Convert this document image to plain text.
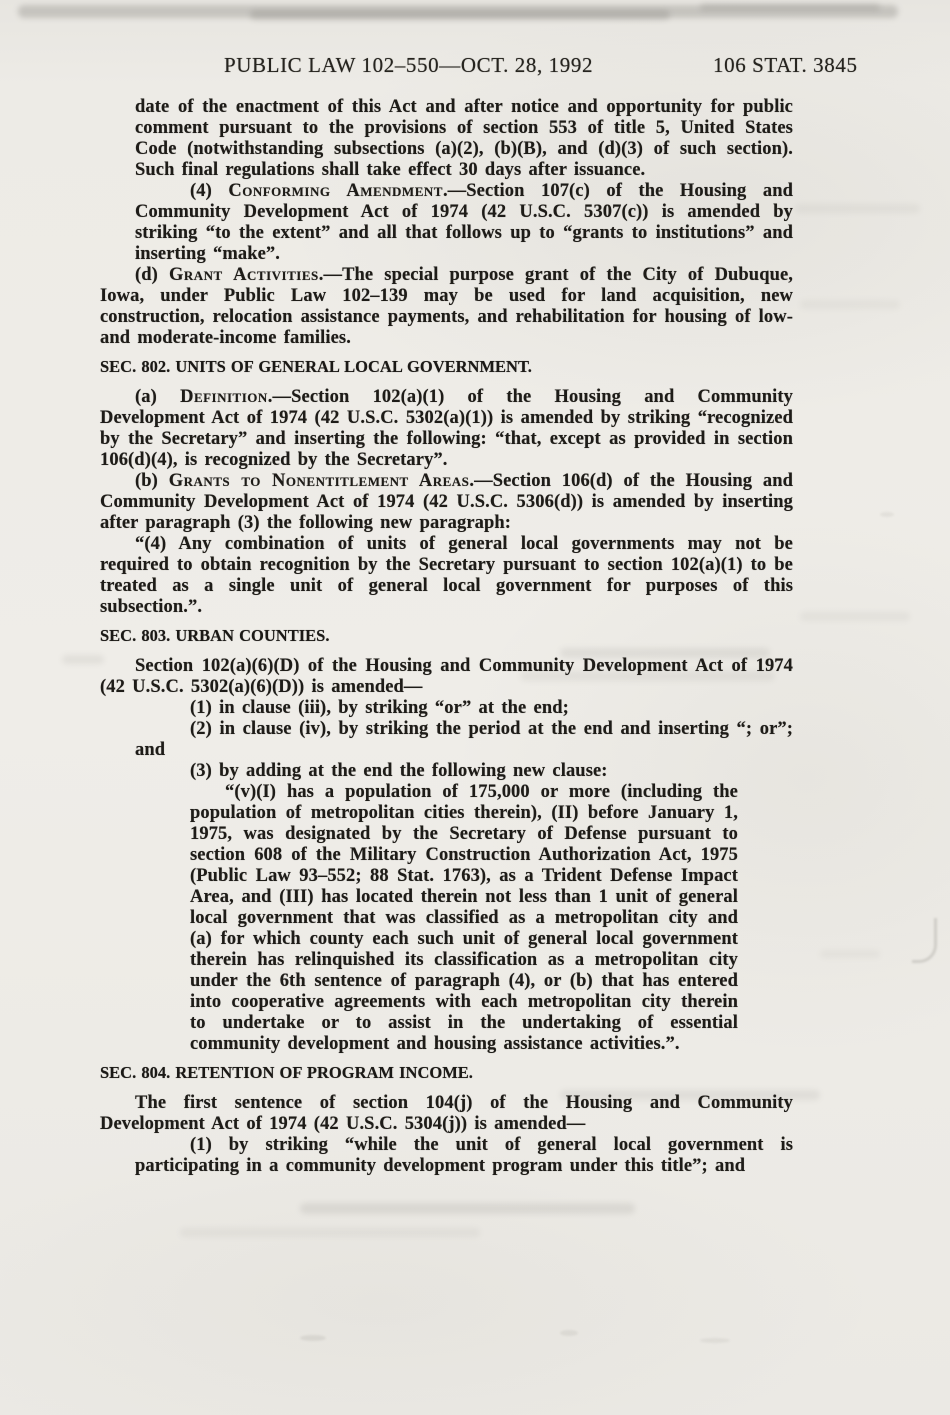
PUBLIC LAW 102–550—OCT. 28, 1992	106 STAT. 3845

date of the enactment of this Act and after notice and opportunity for public comment pursuant to the provisions of section 553 of title 5, United States Code (notwithstanding subsections (a)(2), (b)(B), and (d)(3) of such section). Such final regulations shall take effect 30 days after issuance.

(4) Conforming Amendment.—Section 107(c) of the Housing and Community Development Act of 1974 (42 U.S.C. 5307(c)) is amended by striking “to the extent” and all that follows up to “grants to institutions” and inserting “make”.

(d) Grant Activities.—The special purpose grant of the City of Dubuque, Iowa, under Public Law 102–139 may be used for land acquisition, new construction, relocation assistance payments, and rehabilitation for housing of low- and moderate-income families.

SEC. 802. UNITS OF GENERAL LOCAL GOVERNMENT.

(a) Definition.—Section 102(a)(1) of the Housing and Community Development Act of 1974 (42 U.S.C. 5302(a)(1)) is amended by striking “recognized by the Secretary” and inserting the following: “that, except as provided in section 106(d)(4), is recognized by the Secretary”.

(b) Grants to Nonentitlement Areas.—Section 106(d) of the Housing and Community Development Act of 1974 (42 U.S.C. 5306(d)) is amended by inserting after paragraph (3) the following new paragraph:

“(4) Any combination of units of general local governments may not be required to obtain recognition by the Secretary pursuant to section 102(a)(1) to be treated as a single unit of general local government for purposes of this subsection.”.

SEC. 803. URBAN COUNTIES.

Section 102(a)(6)(D) of the Housing and Community Development Act of 1974 (42 U.S.C. 5302(a)(6)(D)) is amended—

(1) in clause (iii), by striking “or” at the end;

(2) in clause (iv), by striking the period at the end and inserting “; or”; and

(3) by adding at the end the following new clause:

“(v)(I) has a population of 175,000 or more (including the population of metropolitan cities therein), (II) before January 1, 1975, was designated by the Secretary of Defense pursuant to section 608 of the Military Construction Authorization Act, 1975 (Public Law 93–552; 88 Stat. 1763), as a Trident Defense Impact Area, and (III) has located therein not less than 1 unit of general local government that was classified as a metropolitan city and (a) for which county each such unit of general local government therein has relinquished its classification as a metropolitan city under the 6th sentence of paragraph (4), or (b) that has entered into cooperative agreements with each metropolitan city therein to undertake or to assist in the undertaking of essential community development and housing assistance activities.”.

SEC. 804. RETENTION OF PROGRAM INCOME.

The first sentence of section 104(j) of the Housing and Community Development Act of 1974 (42 U.S.C. 5304(j)) is amended—

(1) by striking “while the unit of general local government is participating in a community development program under this title”; and
